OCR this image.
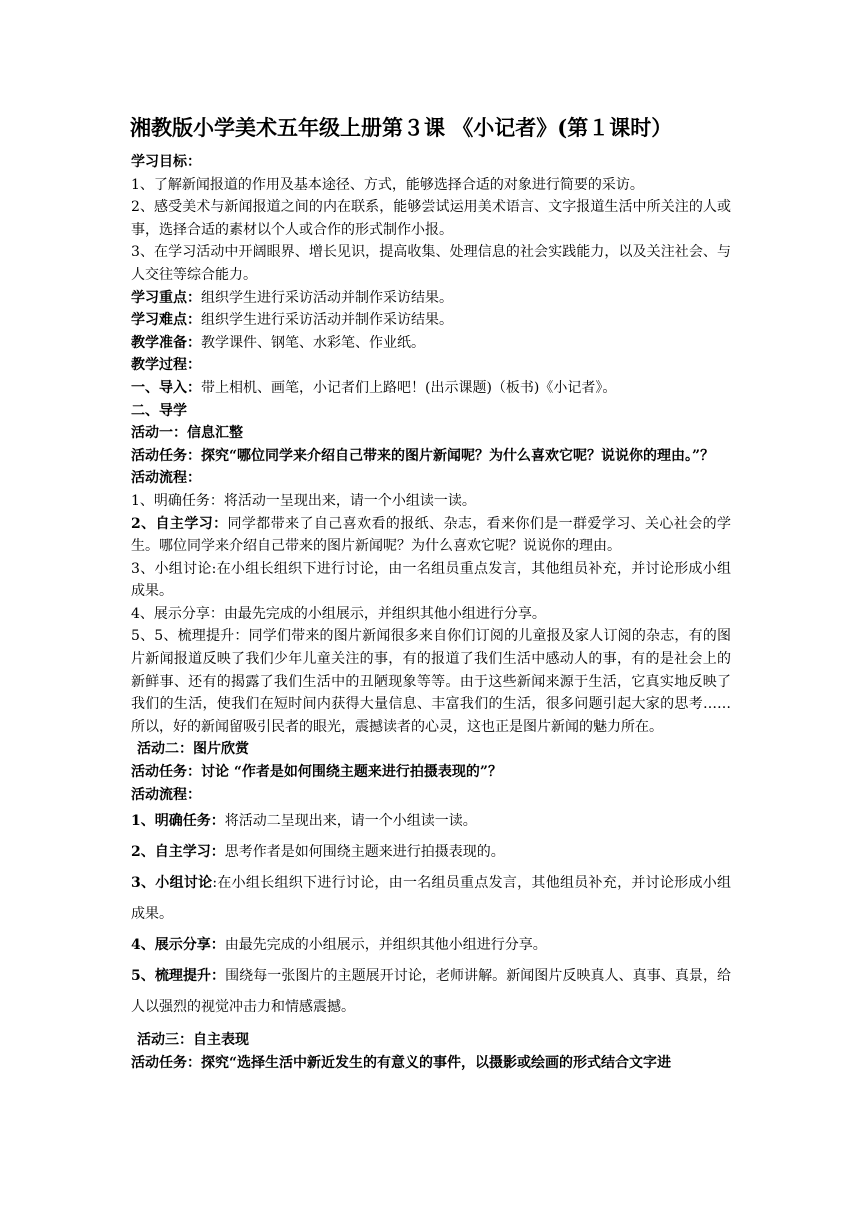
湘教版小学美术五年级上册第３课 《小记者》(第１课时）

学习目标：

1、了解新闻报道的作用及基本途径、方式，能够选择合适的对象进行简要的采访。

2、感受美术与新闻报道之间的内在联系，能够尝试运用美术语言、文字报道生活中所关注的人或事，选择合适的素材以个人或合作的形式制作小报。

3、在学习活动中开阔眼界、增长见识，提高收集、处理信息的社会实践能力，以及关注社会、与人交往等综合能力。

学习重点：组织学生进行采访活动并制作采访结果。

学习难点：组织学生进行采访活动并制作采访结果。

教学准备：教学课件、钢笔、水彩笔、作业纸。

教学过程：

一、导入：带上相机、画笔，小记者们上路吧！(出示课题)（板书)《小记者》。

二、导学

活动一：信息汇整

活动任务：探究“哪位同学来介绍自己带来的图片新闻呢？为什么喜欢它呢？说说你的理由。”？

活动流程：

1、明确任务：将活动一呈现出来，请一个小组读一读。

2、自主学习：同学都带来了自己喜欢看的报纸、杂志，看来你们是一群爱学习、关心社会的学生。哪位同学来介绍自己带来的图片新闻呢？为什么喜欢它呢？说说你的理由。

3、小组讨论:在小组长组织下进行讨论，由一名组员重点发言，其他组员补充，并讨论形成小组成果。

4、展示分享：由最先完成的小组展示，并组织其他小组进行分享。

5、5、梳理提升：同学们带来的图片新闻很多来自你们订阅的儿童报及家人订阅的杂志，有的图片新闻报道反映了我们少年儿童关注的事，有的报道了我们生活中感动人的事，有的是社会上的新鲜事、还有的揭露了我们生活中的丑陋现象等等。由于这些新闻来源于生活，它真实地反映了我们的生活，使我们在短时间内获得大量信息、丰富我们的生活，很多问题引起大家的思考……所以，好的新闻留吸引民者的眼光，震撼读者的心灵，这也正是图片新闻的魅力所在。

活动二：图片欣赏

活动任务：讨论 “作者是如何围绕主题来进行拍摄表现的”？

活动流程：

1、明确任务：将活动二呈现出来，请一个小组读一读。

2、自主学习：思考作者是如何围绕主题来进行拍摄表现的。

3、小组讨论:在小组长组织下进行讨论，由一名组员重点发言，其他组员补充，并讨论形成小组成果。

4、展示分享：由最先完成的小组展示，并组织其他小组进行分享。

5、梳理提升：围绕每一张图片的主题展开讨论，老师讲解。新闻图片反映真人、真事、真景，给人以强烈的视觉冲击力和情感震撼。

活动三：自主表现

活动任务：探究“选择生活中新近发生的有意义的事件，以摄影或绘画的形式结合文字进
